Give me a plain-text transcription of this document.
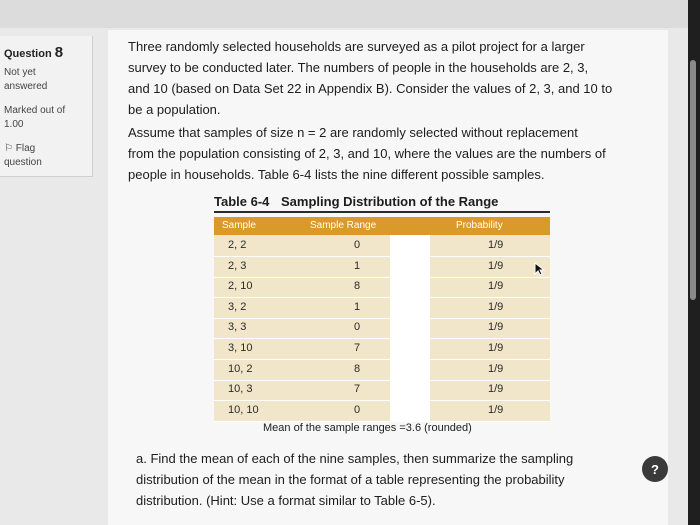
Question 8
Not yet
answered
Marked out of
1.00
⚐ Flag
question
Three randomly selected households are surveyed as a pilot project for a larger
survey to be conducted later. The numbers of people in the households are 2, 3,
and 10 (based on Data Set 22 in Appendix B). Consider the values of 2, 3, and 10 to
be a population.
Assume that samples of size n = 2 are randomly selected without replacement
from the population consisting of 2, 3, and 10, where the values are the numbers of
people in households. Table 6-4 lists the nine different possible samples.
Table 6-4 Sampling Distribution of the Range
Sample	Sample Range	Probability
2, 2	0	1/9
2, 3	1	1/9
2, 10	8	1/9
3, 2	1	1/9
3, 3	0	1/9
3, 10	7	1/9
10, 2	8	1/9
10, 3	7	1/9
10, 10	0	1/9
Mean of the sample ranges =3.6 (rounded)
a. Find the mean of each of the nine samples, then summarize the sampling
distribution of the mean in the format of a table representing the probability
distribution. (Hint: Use a format similar to Table 6-5).
?
